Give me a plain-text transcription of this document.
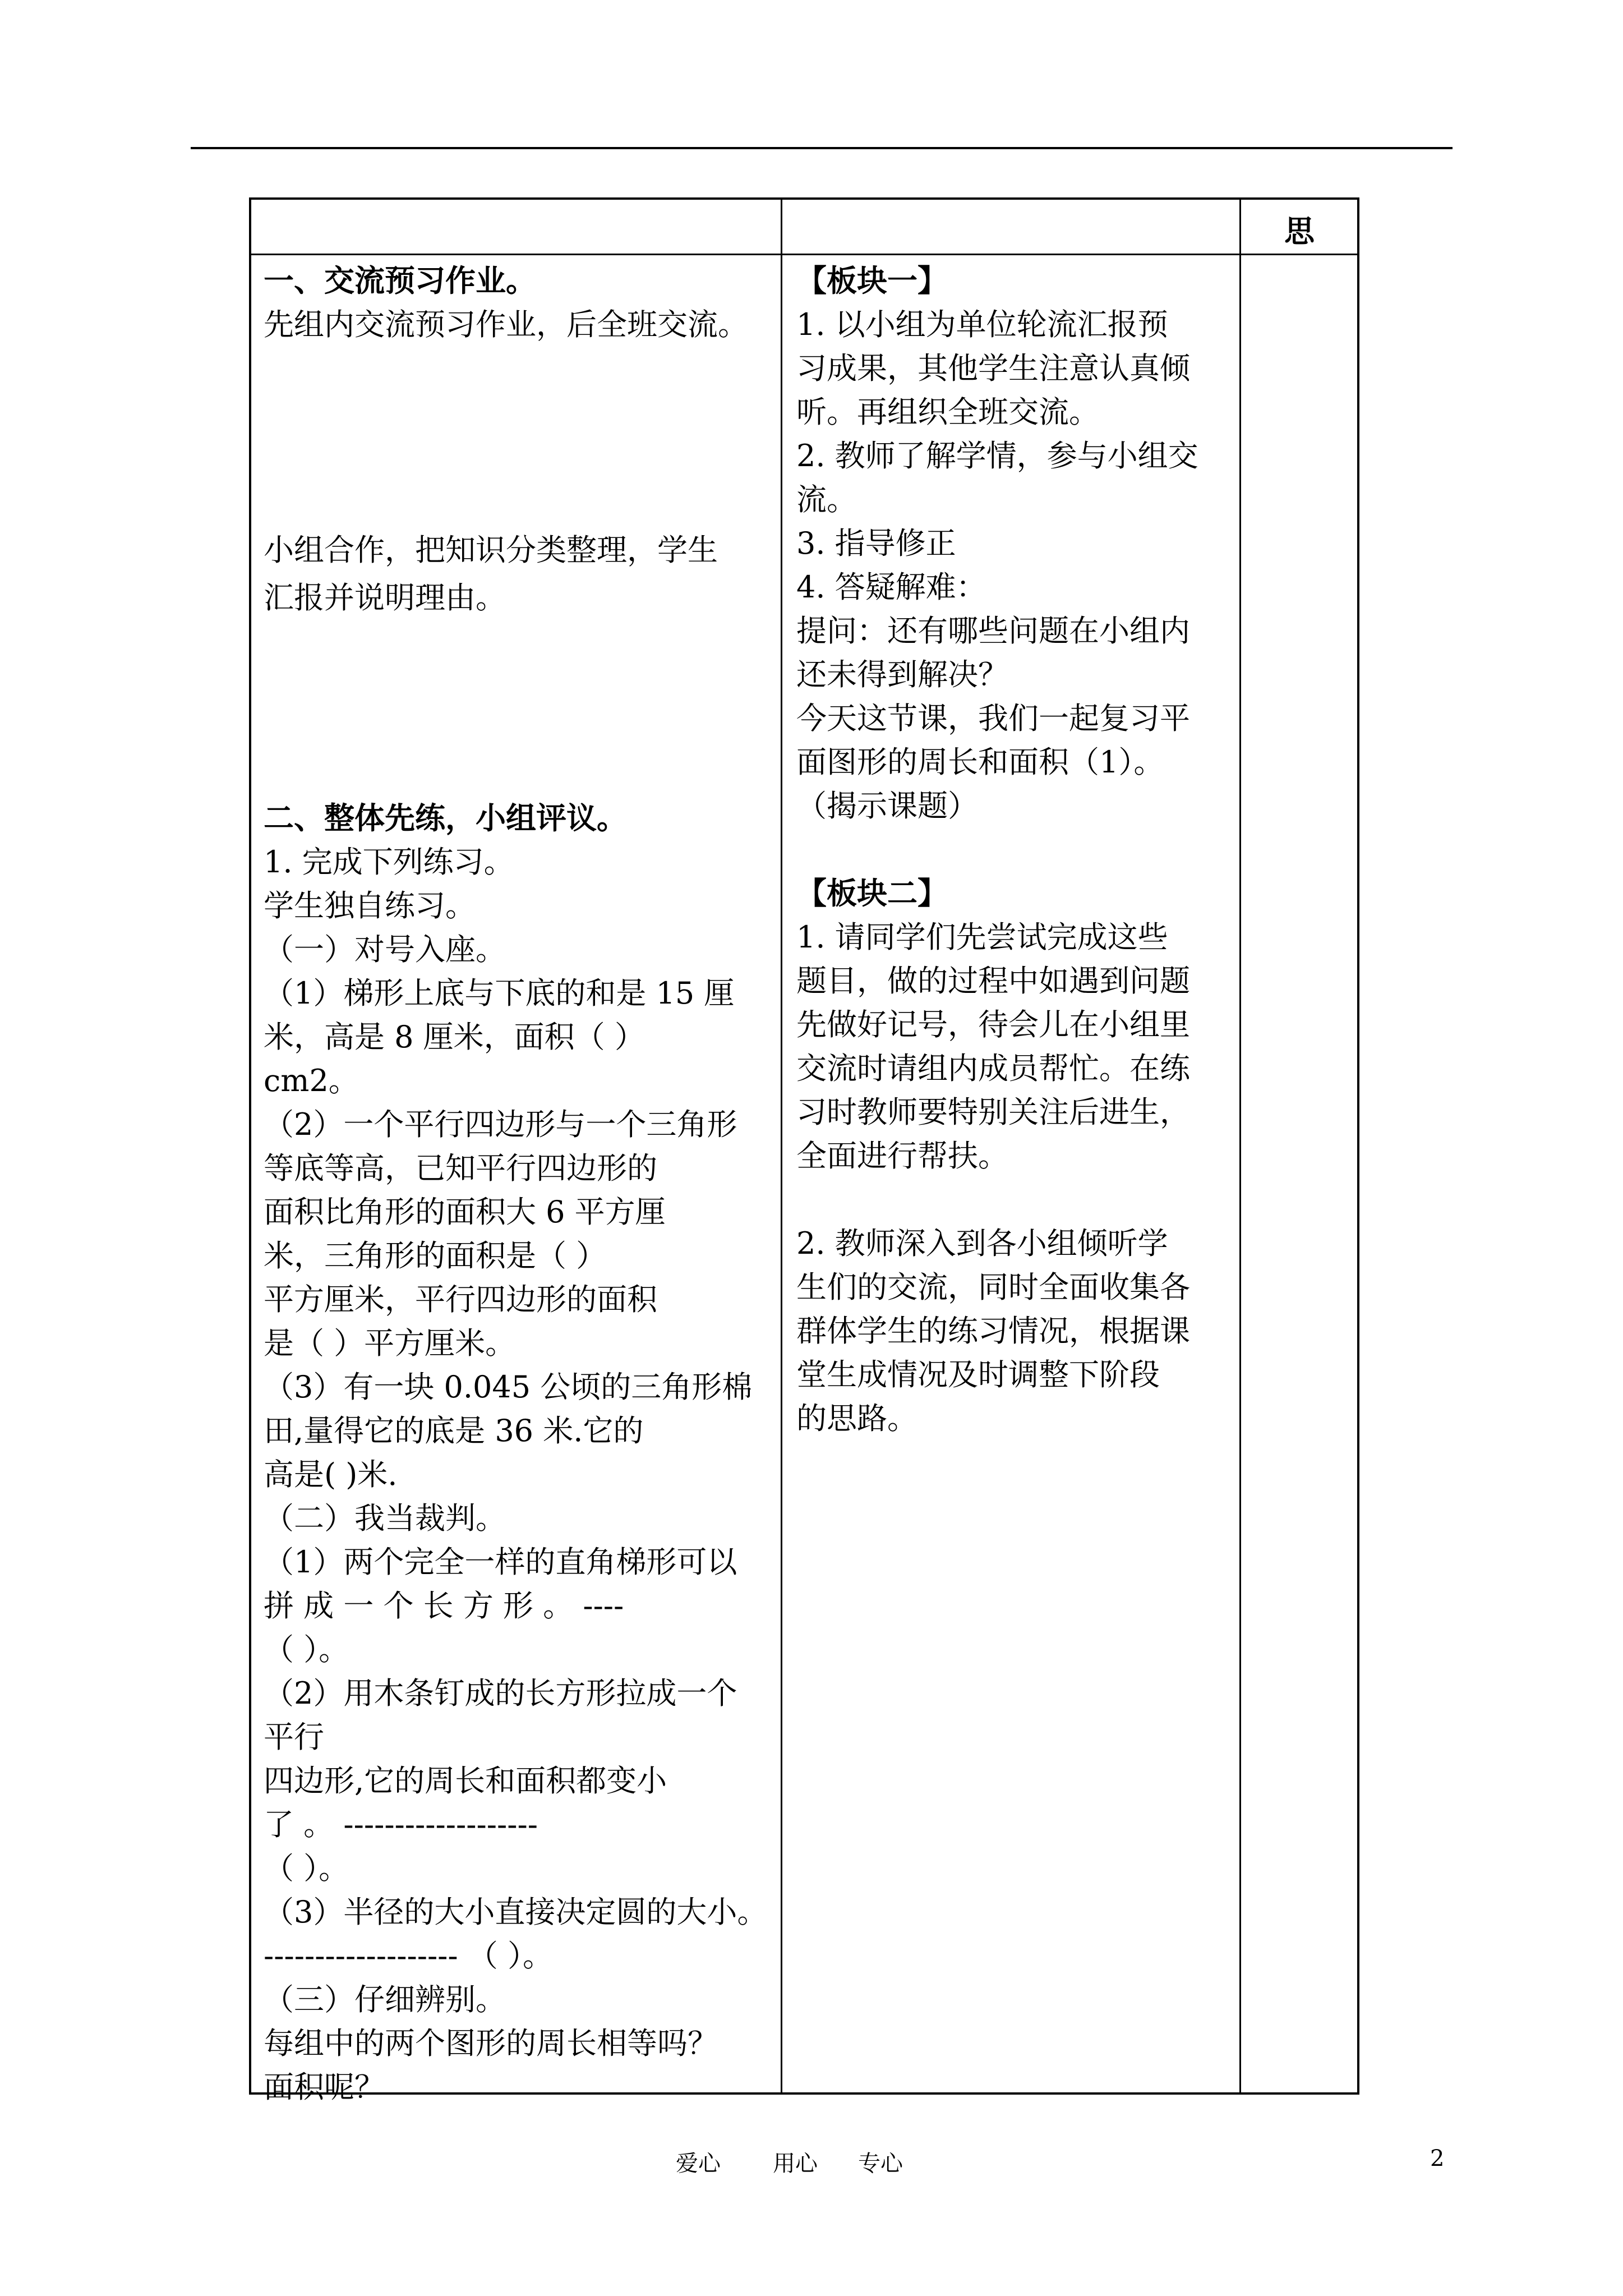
思
一、交流预习作业。
先组内交流预习作业，后全班交流。
小组合作，把知识分类整理，学生
汇报并说明理由。
二、整体先练，小组评议。
1. 完成下列练习。
学生独自练习。
（一）对号入座。
（1）梯形上底与下底的和是 15 厘
米，高是 8 厘米，面积（ ）
cm2。
（2）一个平行四边形与一个三角形
等底等高，已知平行四边形的
面积比角形的面积大 6 平方厘
米，三角形的面积是（ ）
平方厘米，平行四边形的面积
是（ ）平方厘米。
（3）有一块 0.045 公顷的三角形棉
田,量得它的底是 36 米.它的
高是( )米.
（二）我当裁判。
（1）两个完全一样的直角梯形可以
拼 成 一 个 长 方 形 。 ----
（ ）。
（2）用木条钉成的长方形拉成一个
平行
四边形,它的周长和面积都变小
了 。 -------------------
（ ）。
（3）半径的大小直接决定圆的大小。
------------------- （ ）。
（三）仔细辨别。
每组中的两个图形的周长相等吗？
面积呢？
【板块一】
1. 以小组为单位轮流汇报预
习成果，其他学生注意认真倾
听。再组织全班交流。
2. 教师了解学情，参与小组交
流。
3. 指导修正
4. 答疑解难：
提问：还有哪些问题在小组内
还未得到解决？
今天这节课，我们一起复习平
面图形的周长和面积（1）。
（揭示课题）
【板块二】
1. 请同学们先尝试完成这些
题目，做的过程中如遇到问题
先做好记号，待会儿在小组里
交流时请组内成员帮忙。在练
习时教师要特别关注后进生，
全面进行帮扶。
2. 教师深入到各小组倾听学
生们的交流，同时全面收集各
群体学生的练习情况，根据课
堂生成情况及时调整下阶段
的思路。
爱心 用心 专心	2
